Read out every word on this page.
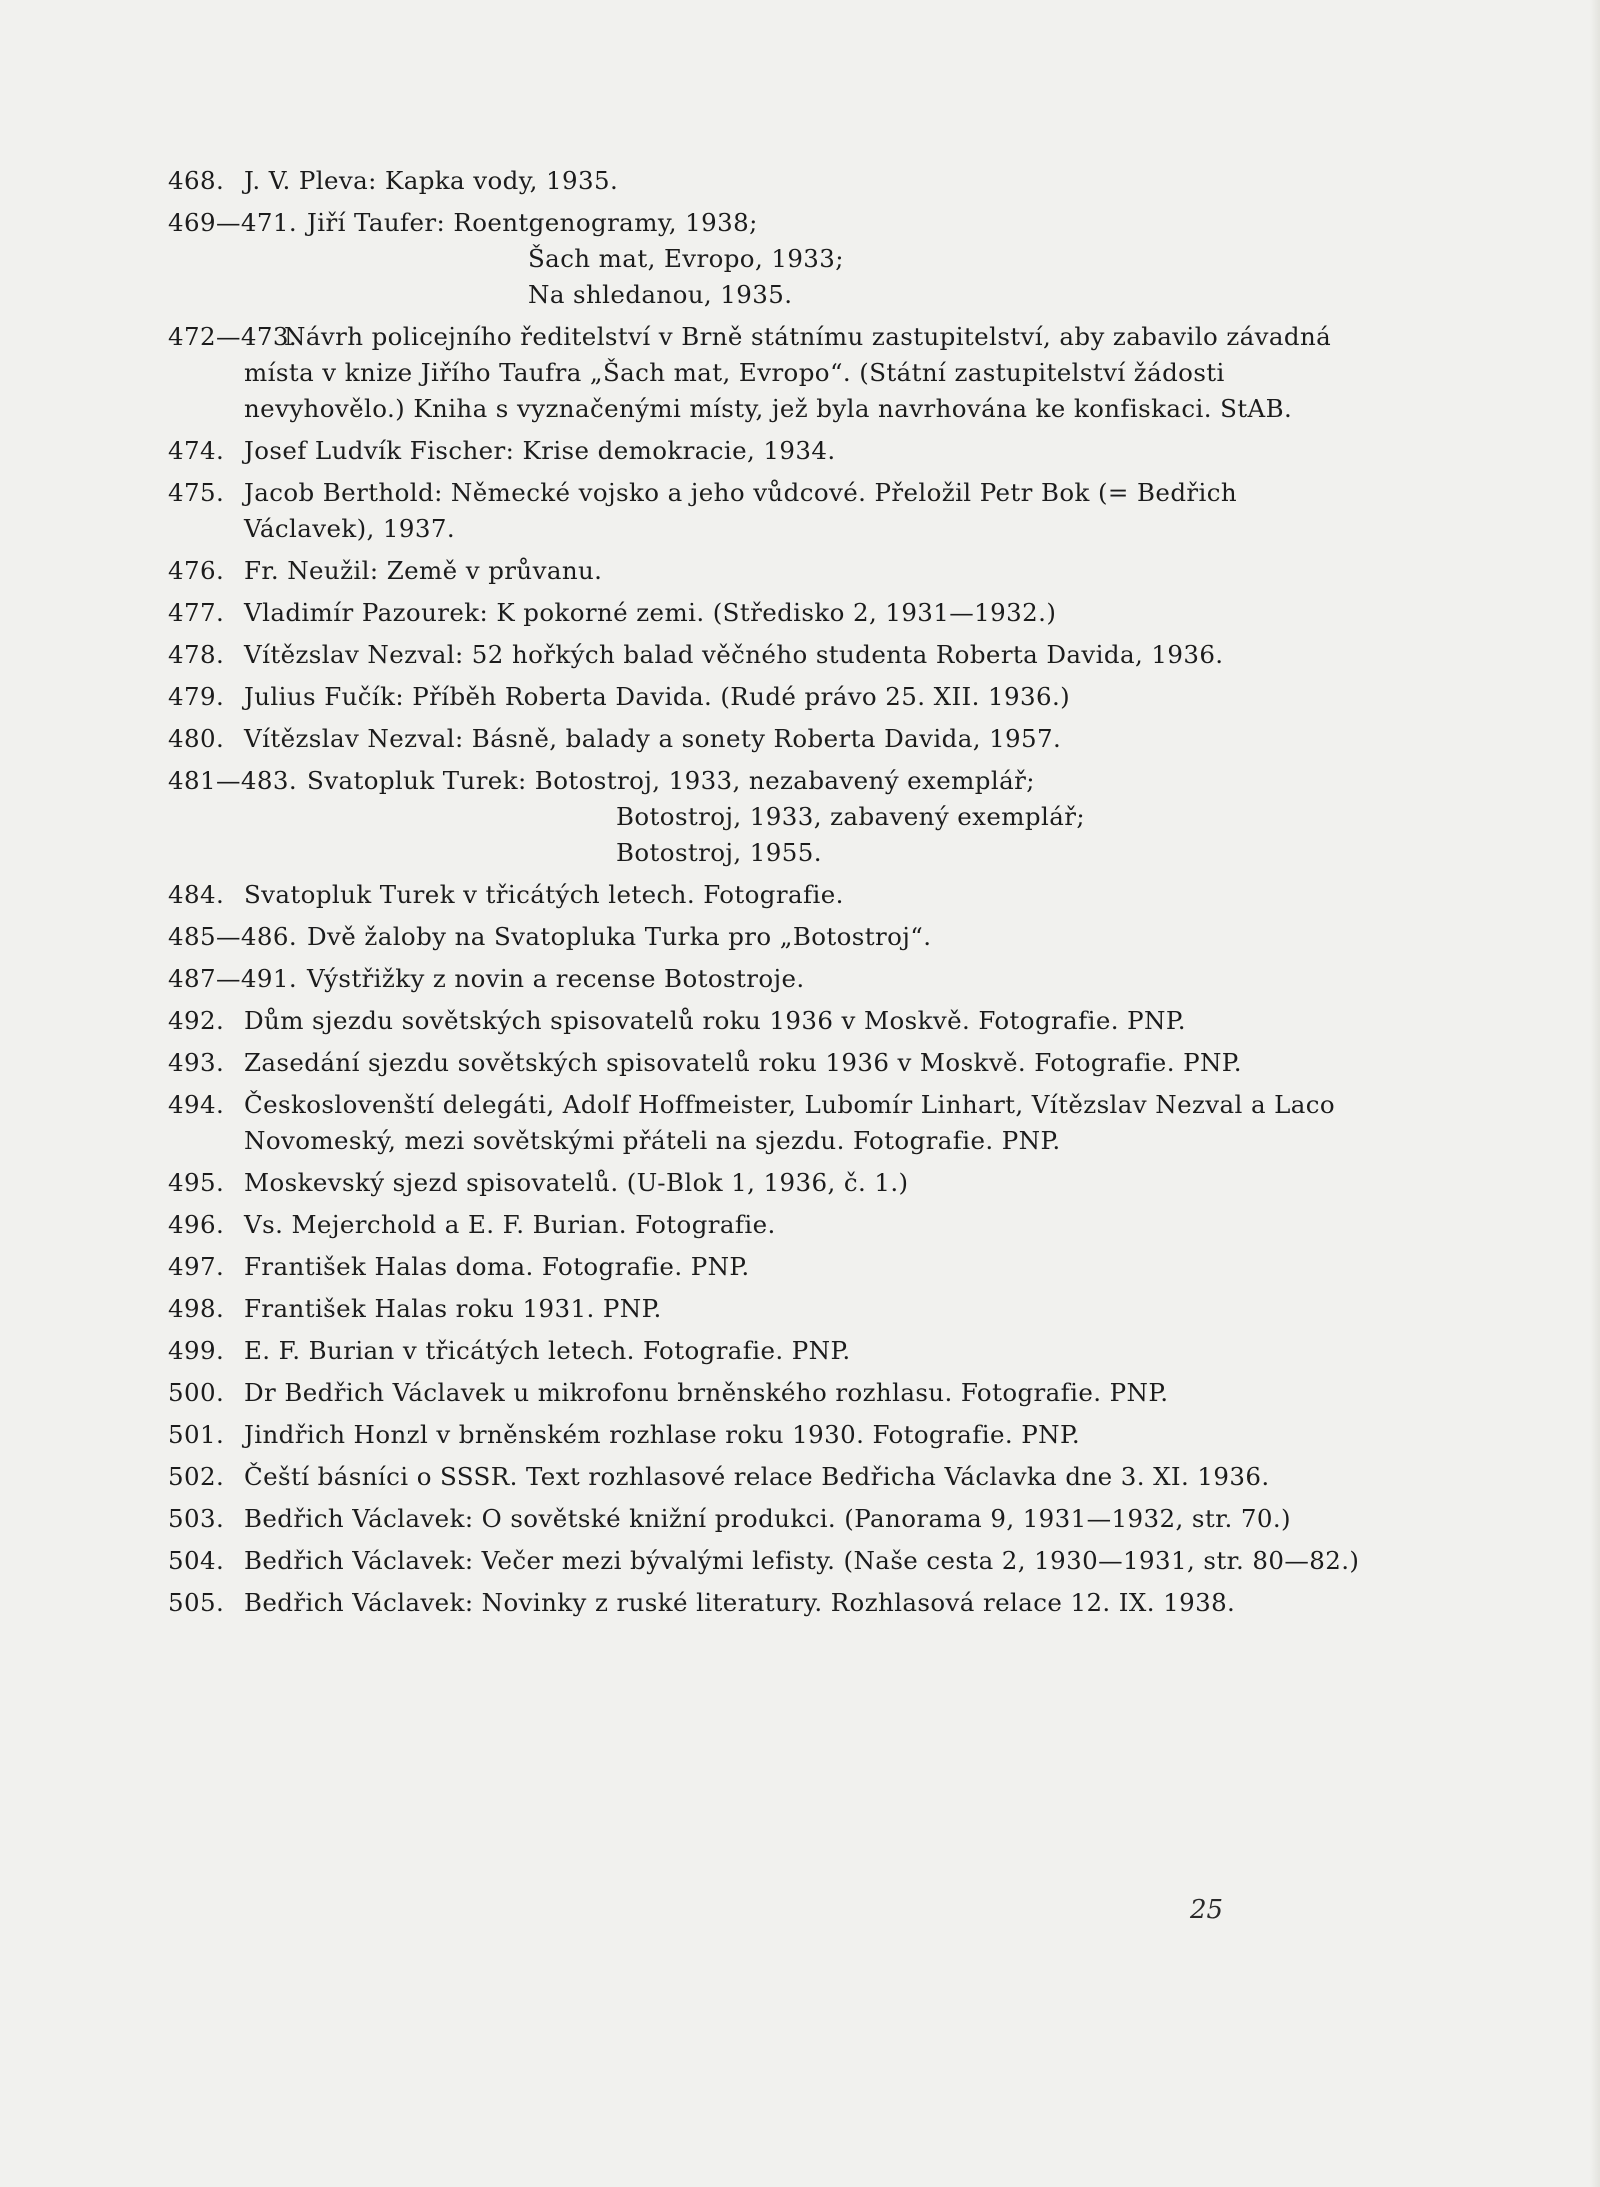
468. J. V. Pleva: Kapka vody, 1935.
469—471. Jiří Taufer: Roentgenogramy, 1938;
Šach mat, Evropo, 1933;
Na shledanou, 1935.
472—473.
Návrh policejního ředitelství v Brně státnímu zastupitelství, aby zabavilo závadná místa v knize Jiřího Taufra „Šach mat, Evropo“. (Státní zastupitelství žádosti nevyhovělo.) Kniha s vyznačenými místy, jež byla navrhována ke konfiskaci. StAB.
474. Josef Ludvík Fischer: Krise demokracie, 1934.
475. Jacob Berthold: Německé vojsko a jeho vůdcové. Přeložil Petr Bok (= Bedřich Václavek), 1937.
476. Fr. Neužil: Země v průvanu.
477. Vladimír Pazourek: K pokorné zemi. (Středisko 2, 1931—1932.)
478. Vítězslav Nezval: 52 hořkých balad věčného studenta Roberta Davida, 1936.
479. Julius Fučík: Příběh Roberta Davida. (Rudé právo 25. XII. 1936.)
480. Vítězslav Nezval: Básně, balady a sonety Roberta Davida, 1957.
481—483. Svatopluk Turek: Botostroj, 1933, nezabavený exemplář;
Botostroj, 1933, zabavený exemplář;
Botostroj, 1955.
484. Svatopluk Turek v třicátých letech. Fotografie.
485—486. Dvě žaloby na Svatopluka Turka pro „Botostroj“.
487—491. Výstřižky z novin a recense Botostroje.
492. Dům sjezdu sovětských spisovatelů roku 1936 v Moskvě. Fotografie. PNP.
493. Zasedání sjezdu sovětských spisovatelů roku 1936 v Moskvě. Fotografie. PNP.
494. Českoslovenští delegáti, Adolf Hoffmeister, Lubomír Linhart, Vítězslav Nezval a Laco Novomeský, mezi sovětskými přáteli na sjezdu. Fotografie. PNP.
495. Moskevský sjezd spisovatelů. (U-Blok 1, 1936, č. 1.)
496. Vs. Mejerchold a E. F. Burian. Fotografie.
497. František Halas doma. Fotografie. PNP.
498. František Halas roku 1931. PNP.
499. E. F. Burian v třicátých letech. Fotografie. PNP.
500. Dr Bedřich Václavek u mikrofonu brněnského rozhlasu. Fotografie. PNP.
501. Jindřich Honzl v brněnském rozhlase roku 1930. Fotografie. PNP.
502. Čeští básníci o SSSR. Text rozhlasové relace Bedřicha Václavka dne 3. XI. 1936.
503. Bedřich Václavek: O sovětské knižní produkci. (Panorama 9, 1931—1932, str. 70.)
504. Bedřich Václavek: Večer mezi bývalými lefisty. (Naše cesta 2, 1930—1931, str. 80—82.)
505. Bedřich Václavek: Novinky z ruské literatury. Rozhlasová relace 12. IX. 1938.
25
